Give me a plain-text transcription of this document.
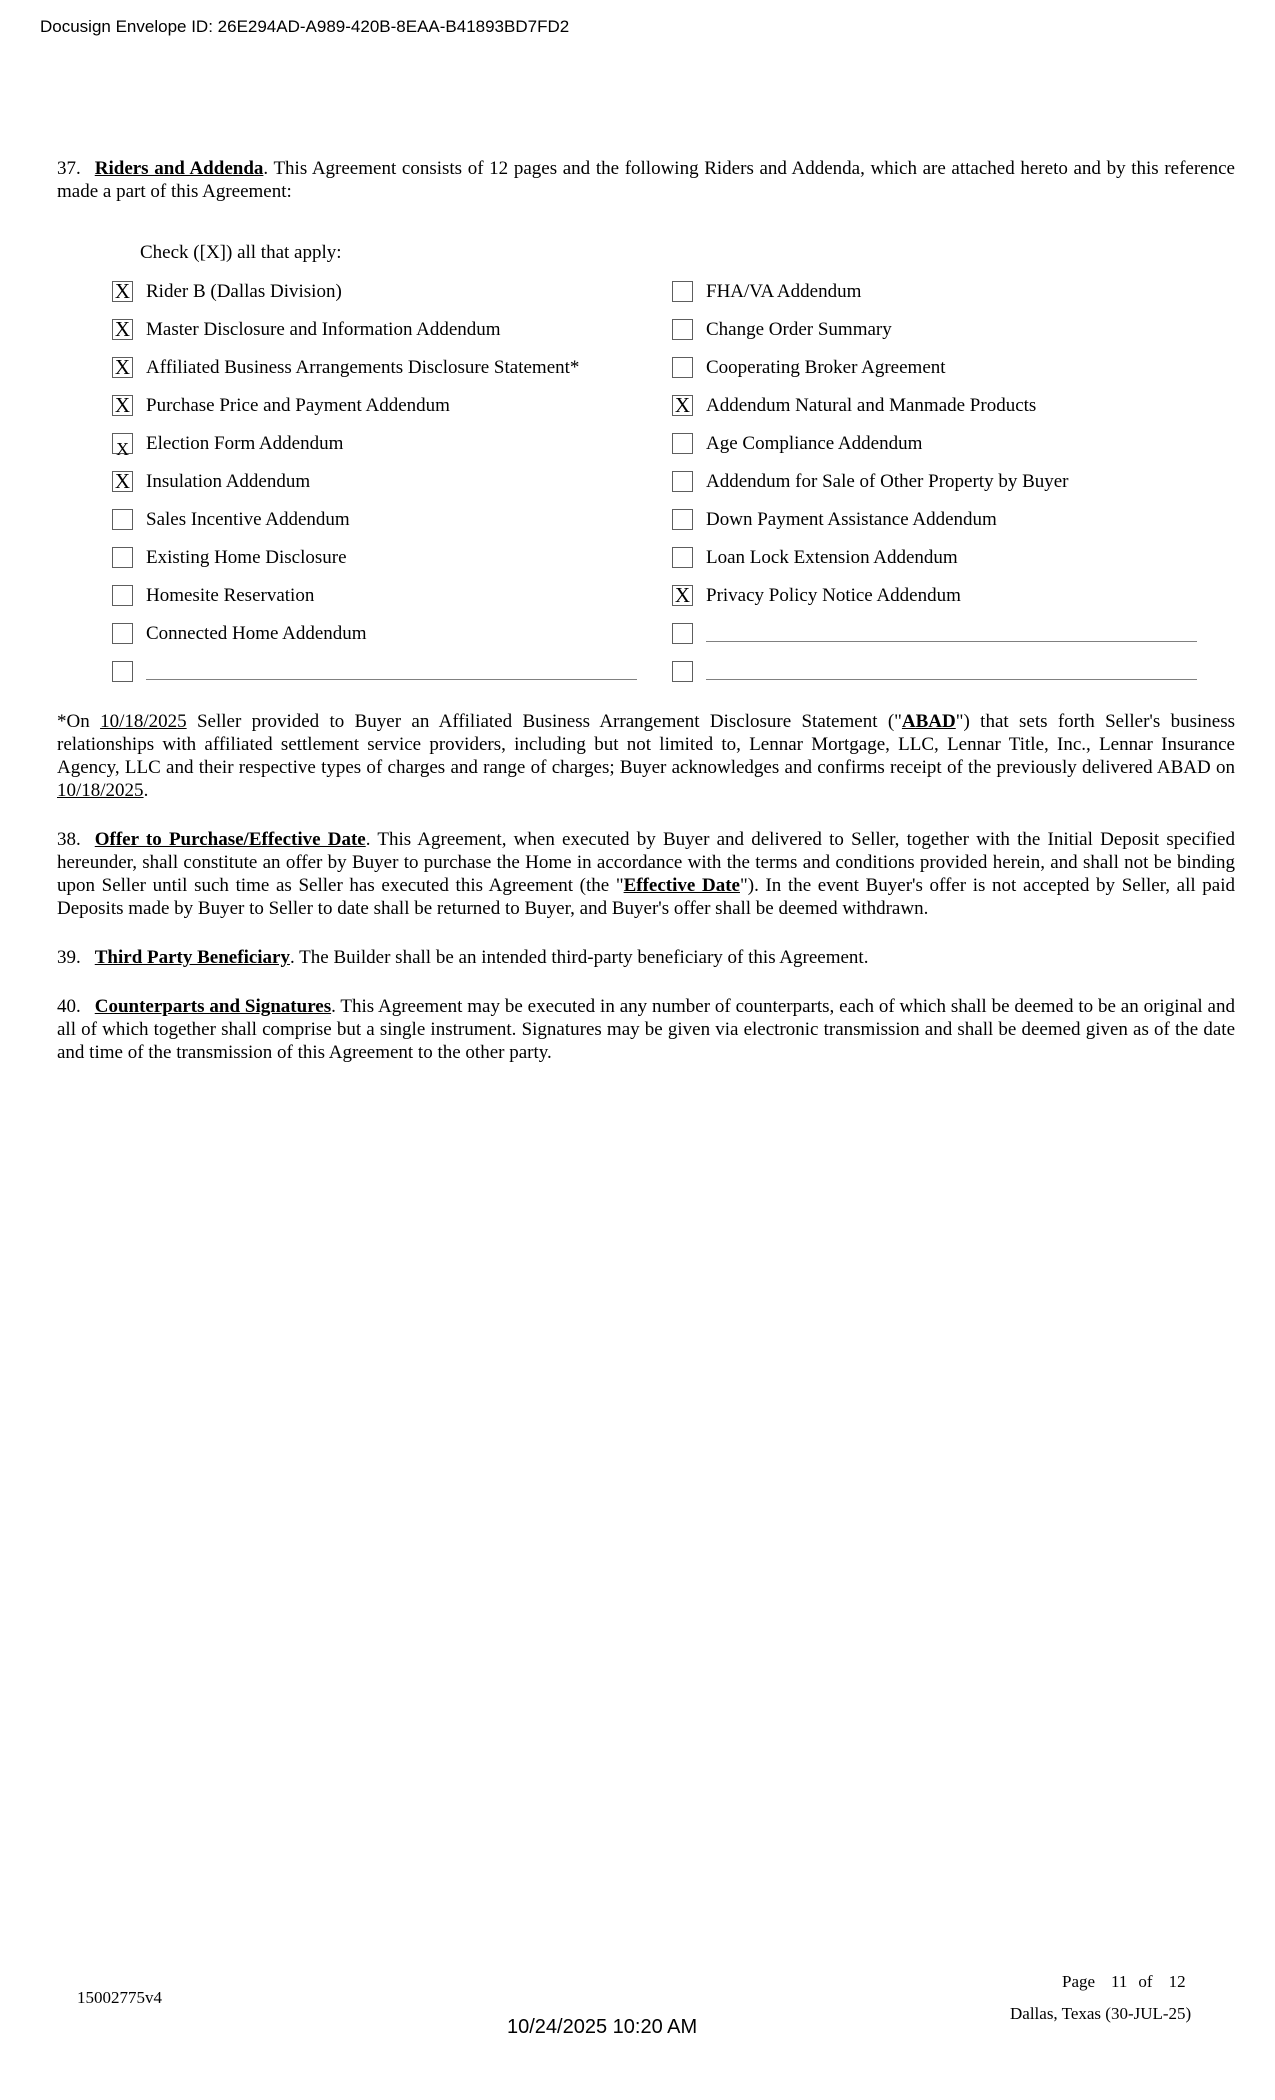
Docusign Envelope ID: 26E294AD-A989-420B-8EAA-B41893BD7FD2

37. Riders and Addenda. This Agreement consists of 12 pages and the following Riders and Addenda, which are attached hereto and by this reference made a part of this Agreement:

Check ([X]) all that apply:
X Rider B (Dallas Division)
X Master Disclosure and Information Addendum
X Affiliated Business Arrangements Disclosure Statement*
X Purchase Price and Payment Addendum
X Election Form Addendum
X Insulation Addendum
Sales Incentive Addendum
Existing Home Disclosure
Homesite Reservation
Connected Home Addendum
FHA/VA Addendum
Change Order Summary
Cooperating Broker Agreement
X Addendum Natural and Manmade Products
Age Compliance Addendum
Addendum for Sale of Other Property by Buyer
Down Payment Assistance Addendum
Loan Lock Extension Addendum
X Privacy Policy Notice Addendum

*On 10/18/2025 Seller provided to Buyer an Affiliated Business Arrangement Disclosure Statement ("ABAD") that sets forth Seller's business relationships with affiliated settlement service providers, including but not limited to, Lennar Mortgage, LLC, Lennar Title, Inc., Lennar Insurance Agency, LLC and their respective types of charges and range of charges; Buyer acknowledges and confirms receipt of the previously delivered ABAD on 10/18/2025.

38. Offer to Purchase/Effective Date. This Agreement, when executed by Buyer and delivered to Seller, together with the Initial Deposit specified hereunder, shall constitute an offer by Buyer to purchase the Home in accordance with the terms and conditions provided herein, and shall not be binding upon Seller until such time as Seller has executed this Agreement (the "Effective Date"). In the event Buyer's offer is not accepted by Seller, all paid Deposits made by Buyer to Seller to date shall be returned to Buyer, and Buyer's offer shall be deemed withdrawn.

39. Third Party Beneficiary. The Builder shall be an intended third-party beneficiary of this Agreement.

40. Counterparts and Signatures. This Agreement may be executed in any number of counterparts, each of which shall be deemed to be an original and all of which together shall comprise but a single instrument. Signatures may be given via electronic transmission and shall be deemed given as of the date and time of the transmission of this Agreement to the other party.

15002775v4
Page 11 of 12
Dallas, Texas (30-JUL-25)
10/24/2025 10:20 AM
